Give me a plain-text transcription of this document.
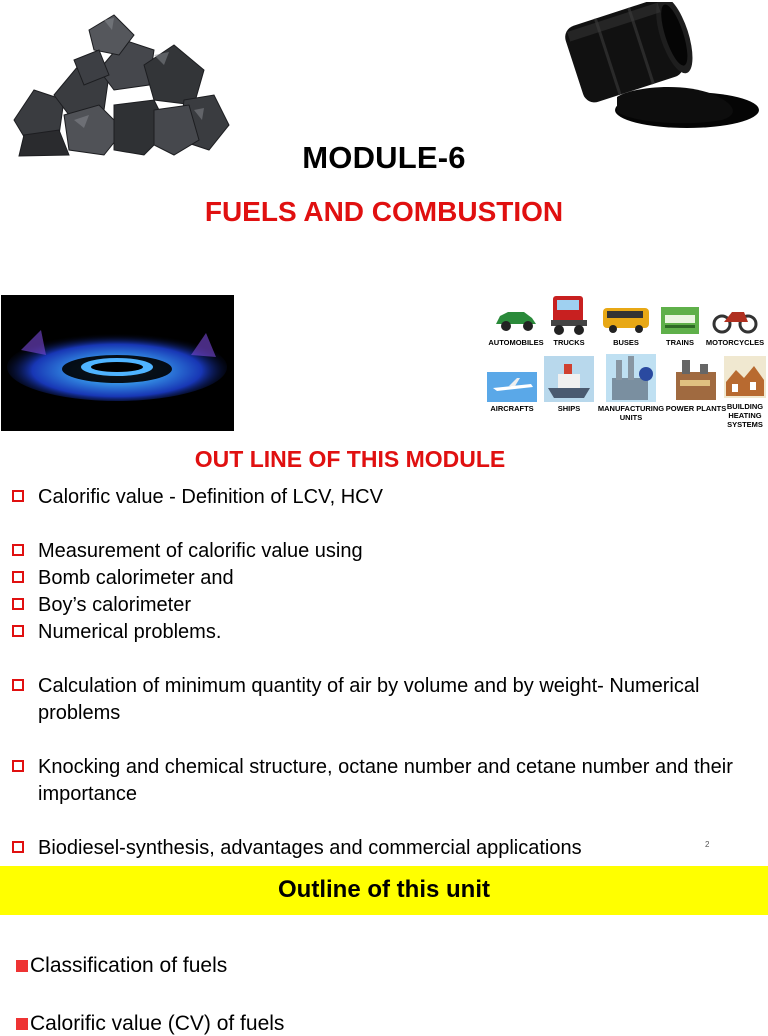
MODULE-6
FUELS AND COMBUSTION
AUTOMOBILES	TRUCKS	BUSES	TRAINS	MOTORCYCLES
AIRCRAFTS	SHIPS	MANUFACTURING UNITS
POWER PLANTS BUILDING HEATING SYSTEMS
OUT LINE OF THIS MODULE
Calorific value - Definition of LCV, HCV
Measurement of calorific value using
Bomb calorimeter and
Boy’s calorimeter
Numerical problems.
Calculation of minimum quantity of air by volume and by weight- Numerical problems
Knocking and chemical structure, octane number and cetane number and their importance
Biodiesel-synthesis, advantages and commercial applications	2
Outline of this unit
Classification of fuels
Calorific value (CV) of fuels
